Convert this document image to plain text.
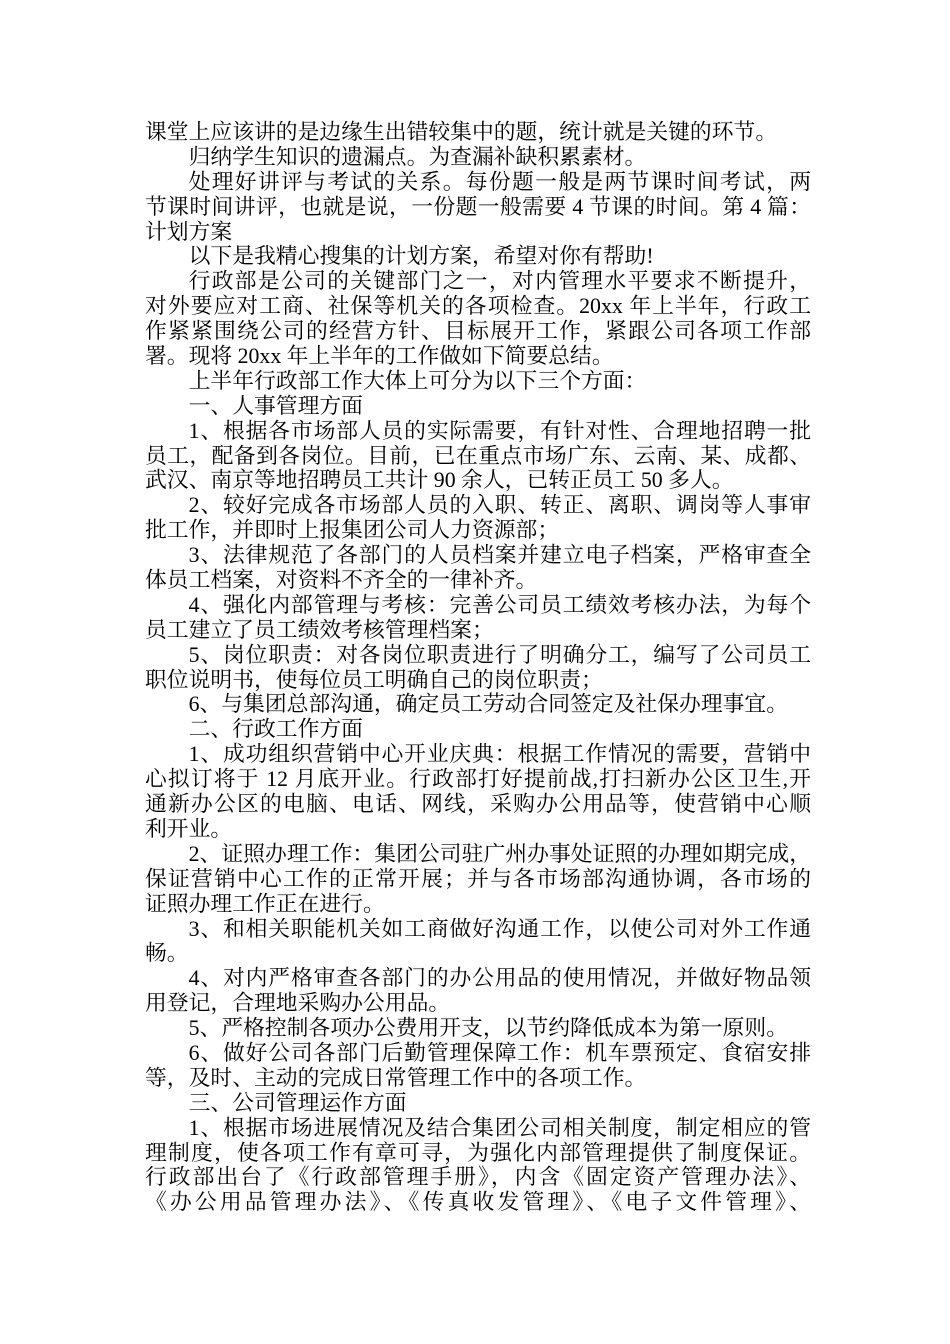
课堂上应该讲的是边缘生出错较集中的题，统计就是关键的环节。
归纳学生知识的遗漏点。为查漏补缺积累素材。
处理好讲评与考试的关系。每份题一般是两节课时间考试，两
节课时间讲评，也就是说，一份题一般需要 4 节课的时间。第 4 篇：
计划方案
以下是我精心搜集的计划方案，希望对你有帮助!
行政部是公司的关键部门之一，对内管理水平要求不断提升，
对外要应对工商、社保等机关的各项检查。20xx 年上半年，行政工
作紧紧围绕公司的经营方针、目标展开工作，紧跟公司各项工作部
署。现将 20xx 年上半年的工作做如下简要总结。
上半年行政部工作大体上可分为以下三个方面：
一、人事管理方面
1、根据各市场部人员的实际需要，有针对性、合理地招聘一批
员工，配备到各岗位。目前，已在重点市场广东、云南、某、成都、
武汉、南京等地招聘员工共计 90 余人，已转正员工 50 多人。
2、较好完成各市场部人员的入职、转正、离职、调岗等人事审
批工作，并即时上报集团公司人力资源部；
3、法律规范了各部门的人员档案并建立电子档案，严格审查全
体员工档案，对资料不齐全的一律补齐。
4、强化内部管理与考核：完善公司员工绩效考核办法，为每个
员工建立了员工绩效考核管理档案；
5、岗位职责：对各岗位职责进行了明确分工，编写了公司员工
职位说明书，使每位员工明确自己的岗位职责；
6、与集团总部沟通，确定员工劳动合同签定及社保办理事宜。
二、行政工作方面
1、成功组织营销中心开业庆典：根据工作情况的需要，营销中
心拟订将于 12 月底开业。行政部打好提前战,打扫新办公区卫生,开
通新办公区的电脑、电话、网线，采购办公用品等，使营销中心顺
利开业。
2、证照办理工作：集团公司驻广州办事处证照的办理如期完成，
保证营销中心工作的正常开展；并与各市场部沟通协调，各市场的
证照办理工作正在进行。
3、和相关职能机关如工商做好沟通工作，以使公司对外工作通
畅。
4、对内严格审查各部门的办公用品的使用情况，并做好物品领
用登记，合理地采购办公用品。
5、严格控制各项办公费用开支，以节约降低成本为第一原则。
6、做好公司各部门后勤管理保障工作：机车票预定、食宿安排
等，及时、主动的完成日常管理工作中的各项工作。
三、公司管理运作方面
1、根据市场进展情况及结合集团公司相关制度，制定相应的管
理制度，使各项工作有章可寻，为强化内部管理提供了制度保证。
行政部出台了《行政部管理手册》，内含《固定资产管理办法》、
《办公用品管理办法》、《传真收发管理》、《电子文件管理》、
